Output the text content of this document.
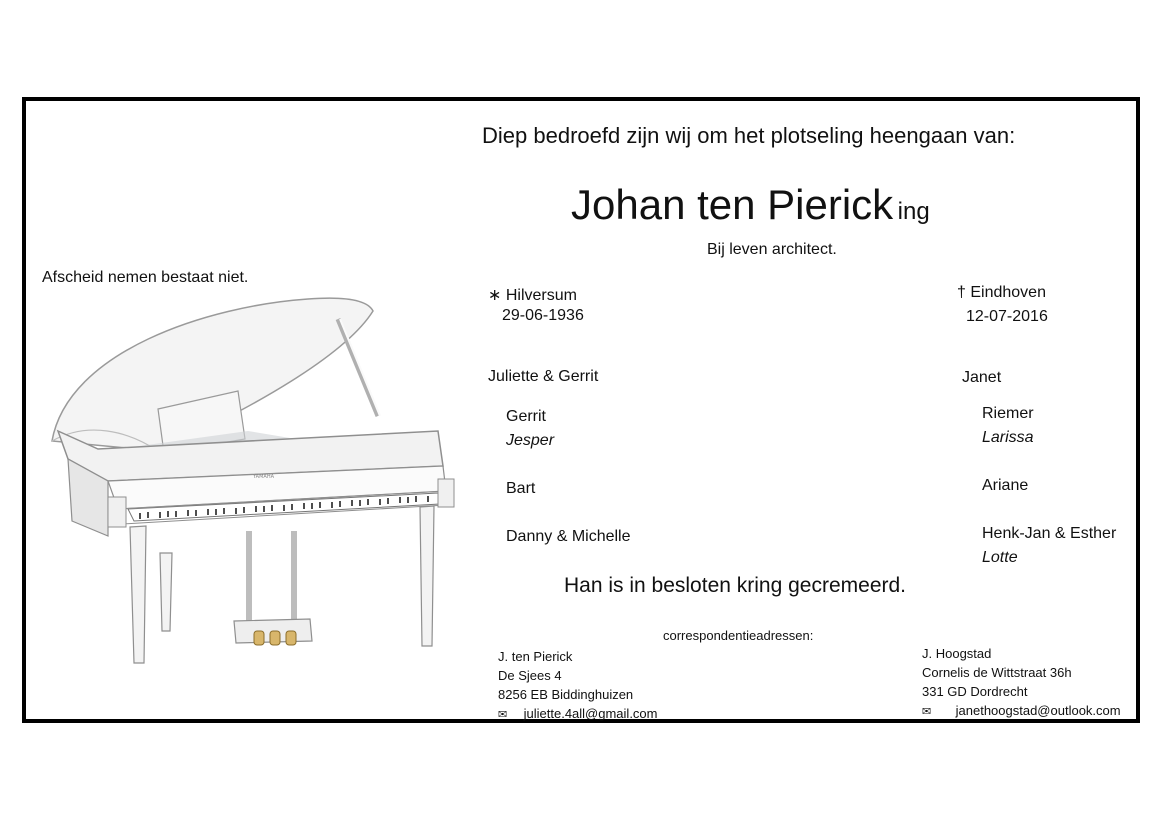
Afscheid nemen bestaat niet.
YAMAHA
Diep bedroefd zijn wij om het plotseling heengaan van:
Johan ten Pierick ing
Bij leven architect.
∗ Hilversum
29-06-1936
† Eindhoven
12-07-2016
Juliette & Gerrit
Gerrit
Jesper
Bart
Danny & Michelle
Janet
Riemer
Larissa
Ariane
Henk-Jan & Esther
Lotte
Han is in besloten kring gecremeerd.
correspondentieadressen:
J. ten Pierick
De Sjees 4
8256 EB Biddinghuizen
✉ juliette.4all@gmail.com
J. Hoogstad
Cornelis de Wittstraat 36h
331 GD Dordrecht
✉ janethoogstad@outlook.com
